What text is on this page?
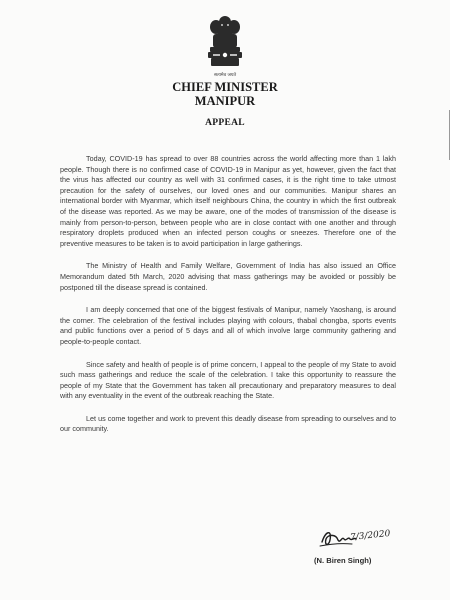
सत्यमेव जयते
CHIEF MINISTER
MANIPUR
APPEAL

Today, COVID-19 has spread to over 88 countries across the world affecting more than 1 lakh people. Though there is no confirmed case of COVID-19 in Manipur as yet, however, given the fact that the virus has affected our country as well with 31 confirmed cases, it is the right time to take utmost precaution for the safety of ourselves, our loved ones and our communities. Manipur shares an international border with Myanmar, which itself neighbours China, the country in which the first outbreak of the disease was reported. As we may be aware, one of the modes of transmission of the disease is mainly from person-to-person, between people who are in close contact with one another and through respiratory droplets produced when an infected person coughs or sneezes. Therefore one of the preventive measures to be taken is to avoid participation in large gatherings.

The Ministry of Health and Family Welfare, Government of India has also issued an Office Memorandum dated 5th March, 2020 advising that mass gatherings may be avoided or possibly be postponed till the disease spread is contained.

I am deeply concerned that one of the biggest festivals of Manipur, namely Yaoshang, is around the corner. The celebration of the festival includes playing with colours, thabal chongba, sports events and public functions over a period of 5 days and all of which involve large community gathering and people-to-people contact.

Since safety and health of people is of prime concern, I appeal to the people of my State to avoid such mass gatherings and reduce the scale of the celebration. I take this opportunity to reassure the people of my State that the Government has taken all precautionary and preparatory measures to deal with any eventuality in the event of the outbreak reaching the State.

Let us come together and work to prevent this deadly disease from spreading to ourselves and to our community.

7/3/2020
(N. Biren Singh)
